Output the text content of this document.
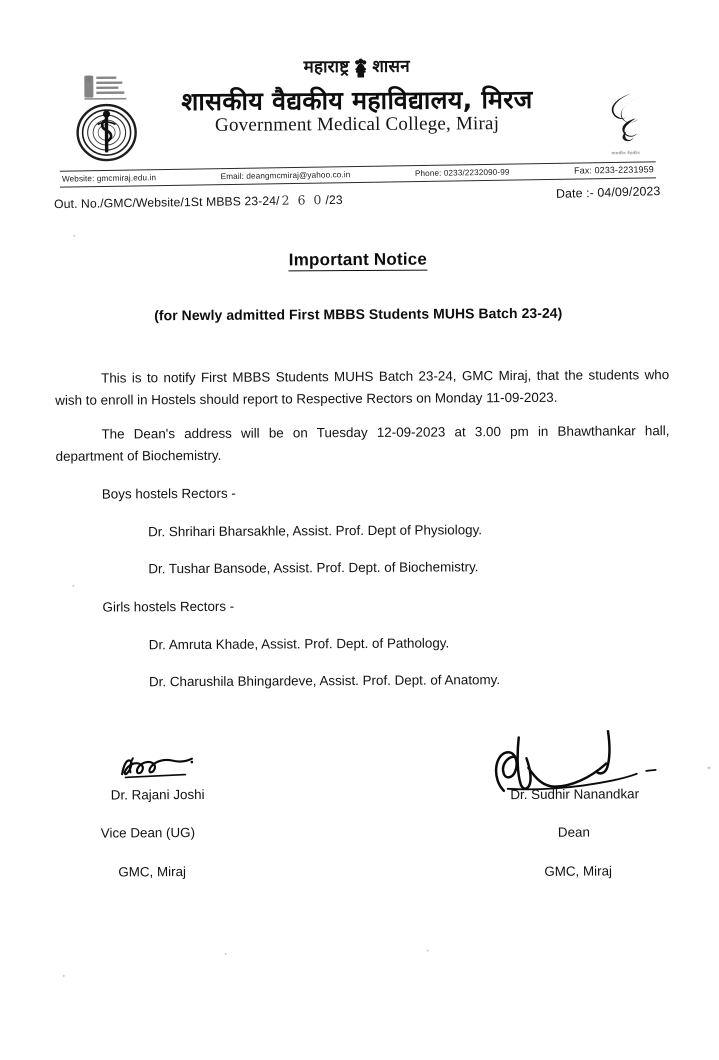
शासकीय वैद्यकीय
महाराष्ट्र शासन
शासकीय वैद्यकीय महाविद्यालय, मिरज
Government Medical College, Miraj
Website: gmcmiraj.edu.in	Email: deangmcmiraj@yahoo.co.in	Phone: 0233/2232090-99	Fax: 0233-2231959
Out. No./GMC/Website/1St MBBS 23-24/ 2 6 0 /23	Date :- 04/09/2023
Important Notice
(for Newly admitted First MBBS Students MUHS Batch 23-24)

This is to notify First MBBS Students MUHS Batch 23-24, GMC Miraj, that the students who wish to enroll in Hostels should report to Respective Rectors on Monday 11-09-2023.

The Dean's address will be on Tuesday 12-09-2023 at 3.00 pm in Bhawthankar hall, department of Biochemistry.

Boys hostels Rectors -
Dr. Shrihari Bharsakhle, Assist. Prof. Dept of Physiology.
Dr. Tushar Bansode, Assist. Prof. Dept. of Biochemistry.
Girls hostels Rectors -
Dr. Amruta Khade, Assist. Prof. Dept. of Pathology.
Dr. Charushila Bhingardeve, Assist. Prof. Dept. of Anatomy.
Dr. Rajani Joshi
Vice Dean (UG)
GMC, Miraj
Dr. Sudhir Nanandkar
Dean
GMC, Miraj
